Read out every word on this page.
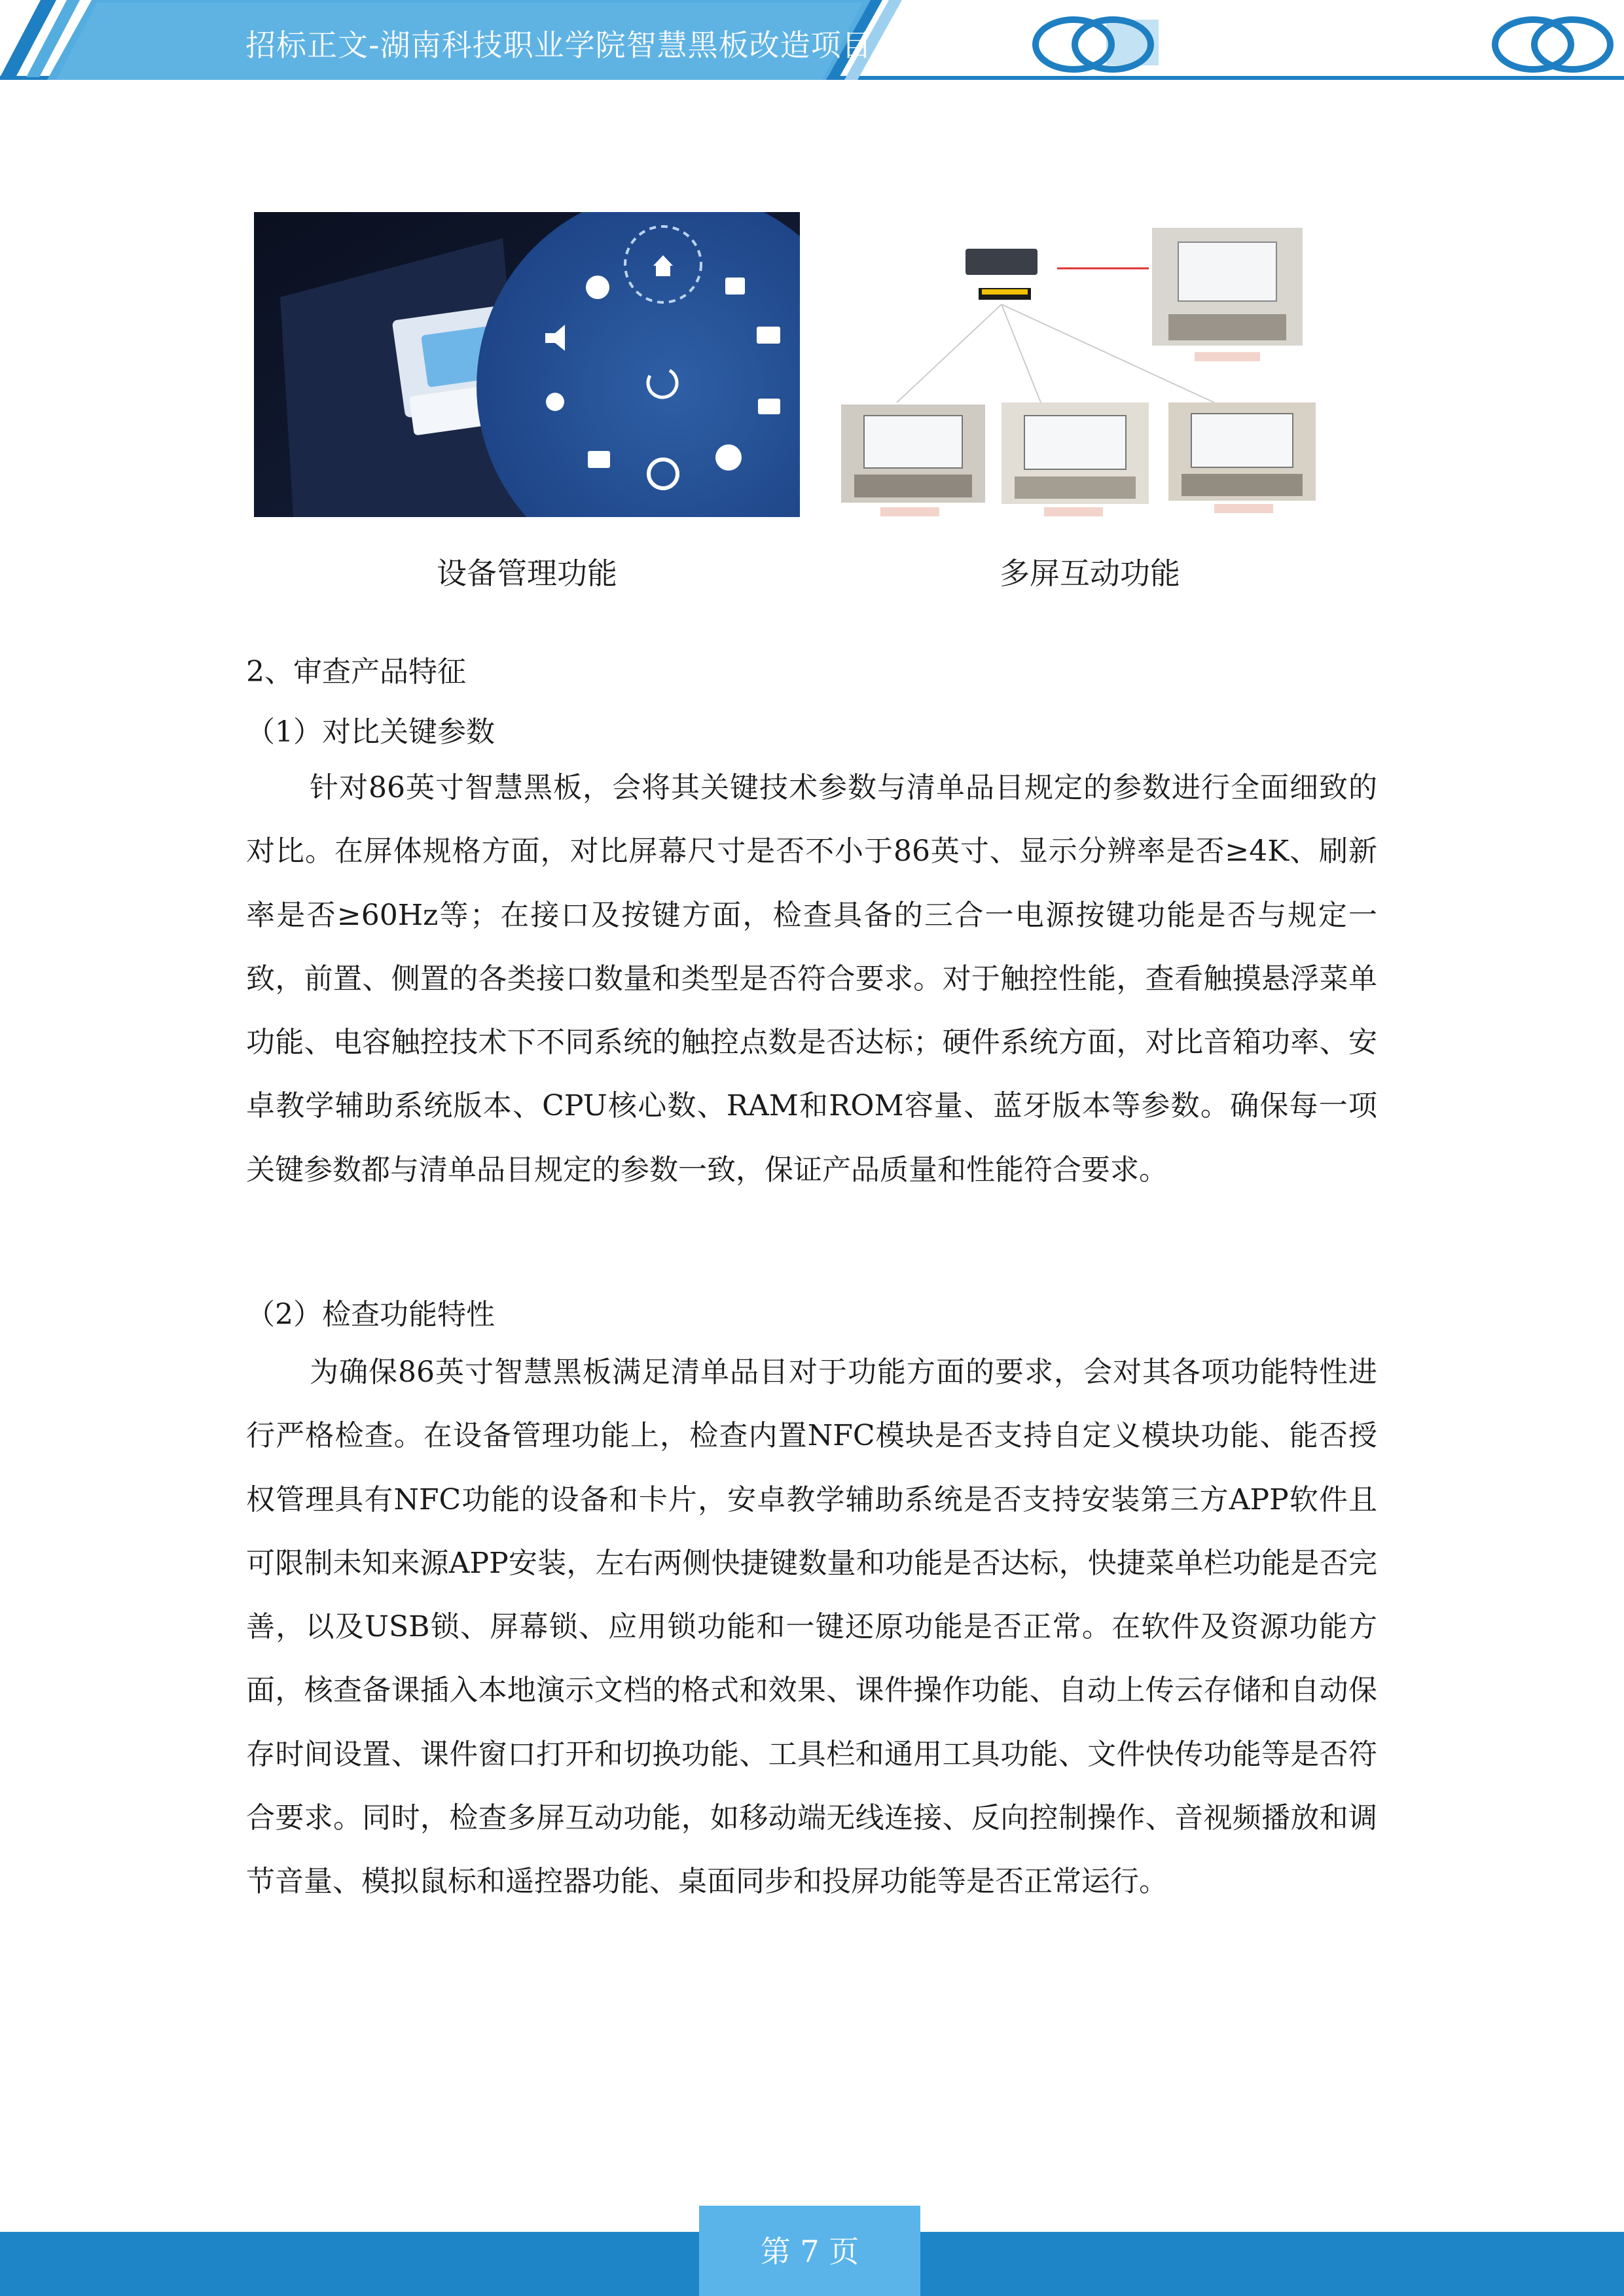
招标正文-湖南科技职业学院智慧黑板改造项目
设备管理功能	多屏互动功能
2、审查产品特征
（1）对比关键参数

针对86英寸智慧黑板，会将其关键技术参数与清单品目规定的参数进行全面细致的对比。在屏体规格方面，对比屏幕尺寸是否不小于86英寸、显示分辨率是否≥4K、刷新率是否≥60Hz等；在接口及按键方面，检查具备的三合一电源按键功能是否与规定一致，前置、侧置的各类接口数量和类型是否符合要求。对于触控性能，查看触摸悬浮菜单功能、电容触控技术下不同系统的触控点数是否达标；硬件系统方面，对比音箱功率、安卓教学辅助系统版本、CPU核心数、RAM和ROM容量、蓝牙版本等参数。确保每一项关键参数都与清单品目规定的参数一致，保证产品质量和性能符合要求。

（2）检查功能特性

为确保86英寸智慧黑板满足清单品目对于功能方面的要求，会对其各项功能特性进行严格检查。在设备管理功能上，检查内置NFC模块是否支持自定义模块功能、能否授权管理具有NFC功能的设备和卡片，安卓教学辅助系统是否支持安装第三方APP软件且可限制未知来源APP安装，左右两侧快捷键数量和功能是否达标，快捷菜单栏功能是否完善，以及USB锁、屏幕锁、应用锁功能和一键还原功能是否正常。在软件及资源功能方面，核查备课插入本地演示文档的格式和效果、课件操作功能、自动上传云存储和自动保存时间设置、课件窗口打开和切换功能、工具栏和通用工具功能、文件快传功能等是否符合要求。同时，检查多屏互动功能，如移动端无线连接、反向控制操作、音视频播放和调节音量、模拟鼠标和遥控器功能、桌面同步和投屏功能等是否正常运行。

第 7 页
